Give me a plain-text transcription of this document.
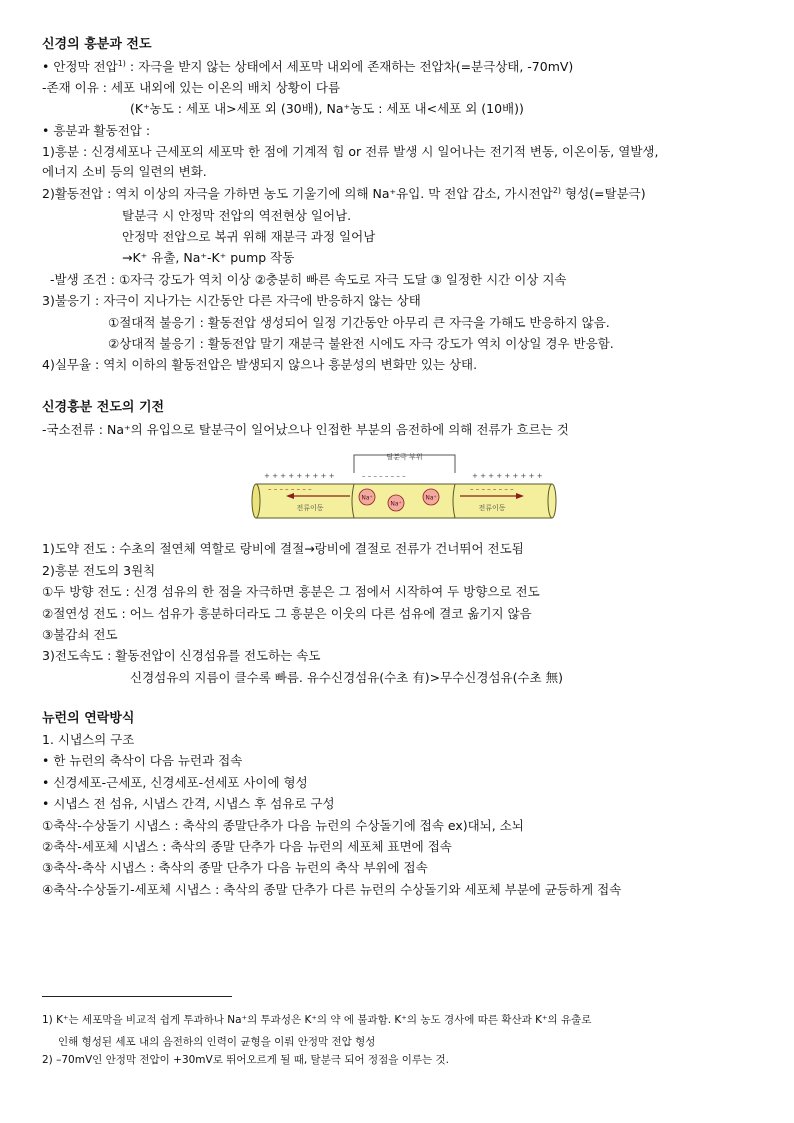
신경의 흥분과 전도
• 안정막 전압$^{1)}$ : 자극을 받지 않는 상태에서 세포막 내외에 존재하는 전압차(=분극상태, -70mV)
-존재 이유 : 세포 내외에 있는 이온의 배치 상황이 다름
(K⁺농도 : 세포 내>세포 외 (30배), Na⁺농도 : 세포 내<세포 외 (10배))
• 흥분과 활동전압 :
1)흥분 : 신경세포나 근세포의 세포막 한 점에 기계적 힘 or 전류 발생 시 일어나는 전기적 변동, 이온이동, 열발생,
에너지 소비 등의 일련의 변화.
2)활동전압 : 역치 이상의 자극을 가하면 농도 기울기에 의해 Na⁺유입. 막 전압 감소, 가시전압$^{2)}$ 형성(=탈분극)
탈분극 시 안정막 전압의 역전현상 일어남.
안정막 전압으로 복귀 위해 재분극 과정 일어남
→K⁺ 유출, Na⁺-K⁺ pump 작동
-발생 조건 : ①자극 강도가 역치 이상 ②충분히 빠른 속도로 자극 도달 ③ 일정한 시간 이상 지속
3)불응기 : 자극이 지나가는 시간동안 다른 자극에 반응하지 않는 상태
①절대적 불응기 : 활동전압 생성되어 일정 기간동안 아무리 큰 자극을 가해도 반응하지 않음.
②상대적 불응기 : 활동전압 말기 재분극 불완전 시에도 자극 강도가 역치 이상일 경우 반응함.
4)실무율 : 역치 이하의 활동전압은 발생되지 않으나 흥분성의 변화만 있는 상태.
신경흥분 전도의 기전
-국소전류 : Na⁺의 유입으로 탈분극이 일어났으나 인접한 부분의 음전하에 의해 전류가 흐르는 것
탈분극 부위
+ + + + + + + + +	+ + + + + + + + +
– – – – – – – –	– – – – – – – –
– – – – – – – –
Na⁺
Na⁺
Na⁺
전류이동	전류이동
1)도약 전도 : 수초의 절연체 역할로 랑비에 결절→랑비에 결절로 전류가 건너뛰어 전도됨
2)흥분 전도의 3원칙
①두 방향 전도 : 신경 섬유의 한 점을 자극하면 흥분은 그 점에서 시작하여 두 방향으로 전도
②절연성 전도 : 어느 섬유가 흥분하더라도 그 흥분은 이웃의 다른 섬유에 결코 옮기지 않음
③불감쇠 전도
3)전도속도 : 활동전압이 신경섬유를 전도하는 속도
신경섬유의 지름이 클수록 빠름. 유수신경섬유(수초 有)>무수신경섬유(수초 無)
뉴런의 연락방식
1. 시냅스의 구조
• 한 뉴런의 축삭이 다음 뉴런과 접속
• 신경세포-근세포, 신경세포-선세포 사이에 형성
• 시냅스 전 섬유, 시냅스 간격, 시냅스 후 섬유로 구성
①축삭-수상돌기 시냅스 : 축삭의 종말단추가 다음 뉴런의 수상돌기에 접속 ex)대뇌, 소뇌
②축삭-세포체 시냅스 : 축삭의 종말 단추가 다음 뉴런의 세포체 표면에 접속
③축삭-축삭 시냅스 : 축삭의 종말 단추가 다음 뉴런의 축삭 부위에 접속
④축삭-수상돌기-세포체 시냅스 : 축삭의 종말 단추가 다른 뉴런의 수상돌기와 세포체 부분에 균등하게 접속
1) K⁺는 세포막을 비교적 쉽게 투과하나 Na⁺의 투과성은 K⁺의 약 에 불과함. K⁺의 농도 경사에 따른 확산과 K⁺의 유출로
인해 형성된 세포 내의 음전하의 인력이 균형을 이뤄 안정막 전압 형성
2) –70mV인 안정막 전압이 +30mV로 뛰어오르게 될 때, 탈분극 되어 정점을 이루는 것.
